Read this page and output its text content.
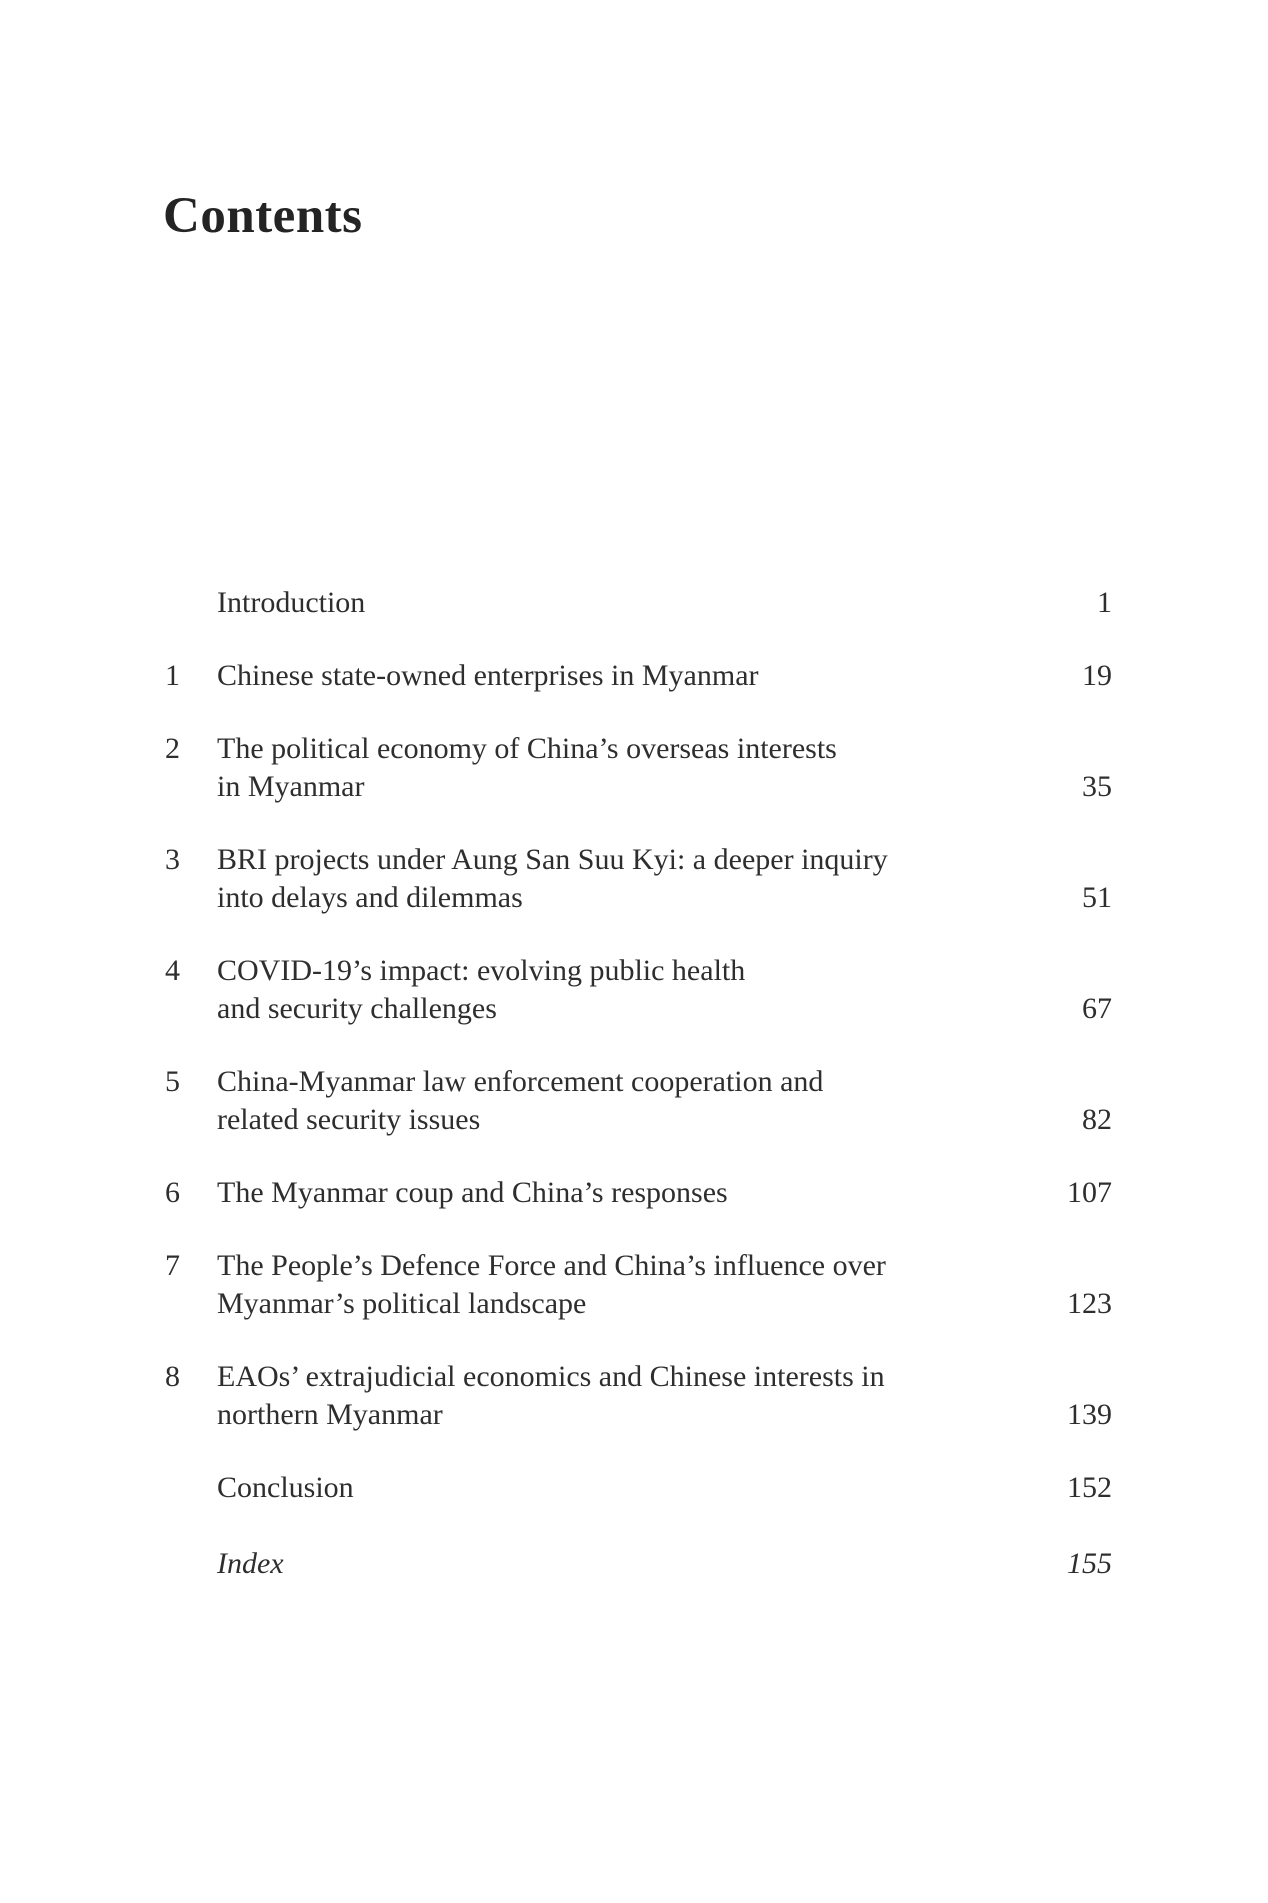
Contents
Introduction	1
1	Chinese state-owned enterprises in Myanmar	19
2	The political economy of China’s overseas interests
in Myanmar	35
3	BRI projects under Aung San Suu Kyi: a deeper inquiry
into delays and dilemmas	51
4	COVID-19’s impact: evolving public health
and security challenges	67
5	China-Myanmar law enforcement cooperation and
related security issues	82
6	The Myanmar coup and China’s responses	107
7	The People’s Defence Force and China’s influence over
Myanmar’s political landscape	123
8	EAOs’ extrajudicial economics and Chinese interests in
northern Myanmar	139
Conclusion	152
Index	155
